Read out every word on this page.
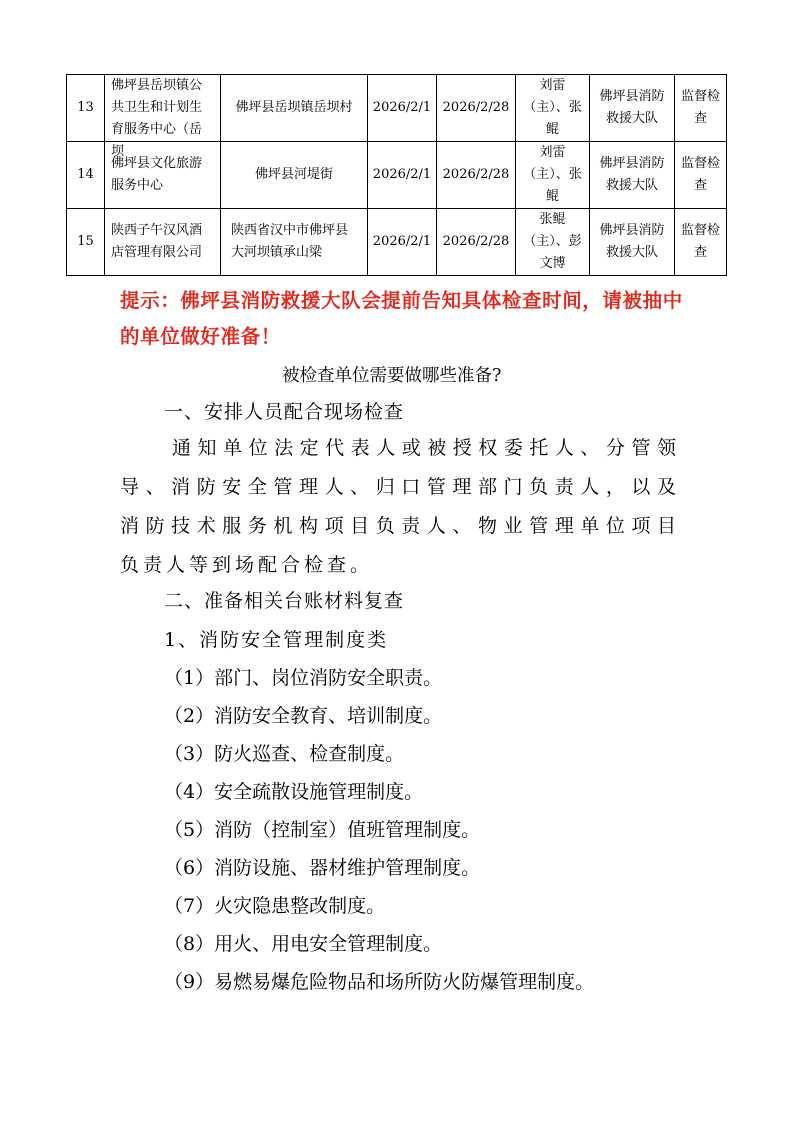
13	佛坪县岳坝镇公共卫生和计划生育服务中心（岳坝	佛坪县岳坝镇岳坝村	2026/2/1	2026/2/28	刘雷（主）、张鲲	佛坪县消防救援大队	监督检查
14	佛坪县文化旅游服务中心	佛坪县河堤街	2026/2/1	2026/2/28	刘雷（主）、张鲲	佛坪县消防救援大队	监督检查
15	陕西子午汉风酒店管理有限公司	陕西省汉中市佛坪县大河坝镇承山梁	2026/2/1	2026/2/28	张鲲（主）、彭文博	佛坪县消防救援大队	监督检查
提示：佛坪县消防救援大队会提前告知具体检查时间，请被抽中的单位做好准备！
被检查单位需要做哪些准备?
一、安排人员配合现场检查
通知单位法定代表人或被授权委托人、分管领
导、消防安全管理人、归口管理部门负责人，以及
消防技术服务机构项目负责人、物业管理单位项目
负责人等到场配合检查。
二、准备相关台账材料复查
1、消防安全管理制度类
（1）部门、岗位消防安全职责。
（2）消防安全教育、培训制度。
（3）防火巡查、检查制度。
（4）安全疏散设施管理制度。
（5）消防（控制室）值班管理制度。
（6）消防设施、器材维护管理制度。
（7）火灾隐患整改制度。
（8）用火、用电安全管理制度。
（9）易燃易爆危险物品和场所防火防爆管理制度。
